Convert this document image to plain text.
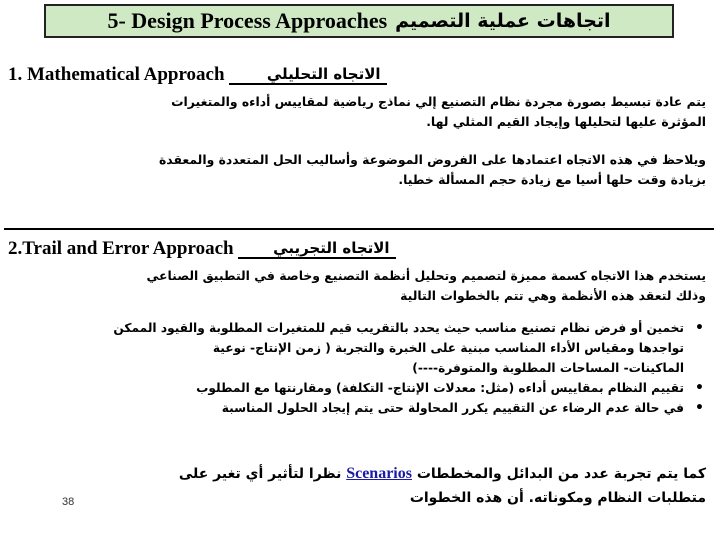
5- Design Process Approaches اتجاهات عملية التصميم
1. Mathematical Approach	الاتجاه التحليلي
يتم عادة تبسيط بصورة مجردة نظام التصنيع إلي نماذج رياضية لمقاييس أداءه والمتغيرات
المؤثرة عليها لتحليلها وإيجاد القيم المثلي لها.
ويلاحظ في هذه الاتجاه اعتمادها على الفروض الموضوعة وأساليب الحل المتعددة والمعقدة
بزيادة وقت حلها أسيا مع زيادة حجم المسألة خطيا.
2.Trail and Error Approach	الاتجاه التجريبي
يستخدم هذا الاتجاه كسمة مميزة لتصميم وتحليل أنظمة التصنيع وخاصة في التطبيق الصناعي
وذلك لتعقد هذه الأنظمة وهي تتم بالخطوات التالية
•
تخمين أو فرض نظام تصنيع مناسب حيث يحدد بالتقريب قيم للمتغيرات المطلوبة والقيود الممكن
تواجدها ومقياس الأداء المناسب مبنية على الخبرة والتجربة ( زمن الإنتاج- نوعية
الماكينات- المساحات المطلوبة والمتوفرة----)
•
تقييم النظام بمقاييس أداءه (مثل: معدلات الإنتاج- التكلفة) ومقارنتها مع المطلوب
•
في حالة عدم الرضاء عن التقييم يكرر المحاولة حتى يتم إيجاد الحلول المناسبة
كما يتم تجربة عدد من البدائل والمخططات Scenarios نظرا لتأثير أي تغير على
متطلبات النظام ومكوناته. أن هذه الخطوات
38
